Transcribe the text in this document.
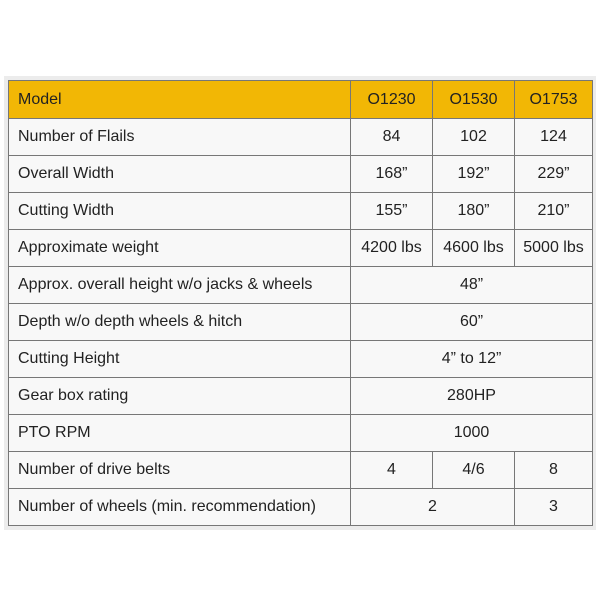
Model	O1230	O1530	O1753
Number of Flails	84	102	124
Overall Width	168”	192”	229”
Cutting Width	155”	180”	210”
Approximate weight	4200 lbs	4600 lbs	5000 lbs
Approx. overall height w/o jacks & wheels	48”		
Depth w/o depth wheels & hitch	60”		
Cutting Height	4” to 12”		
Gear box rating	280HP		
PTO RPM	1000		
Number of drive belts	4	4/6	8
Number of wheels (min. recommendation)	2		3
